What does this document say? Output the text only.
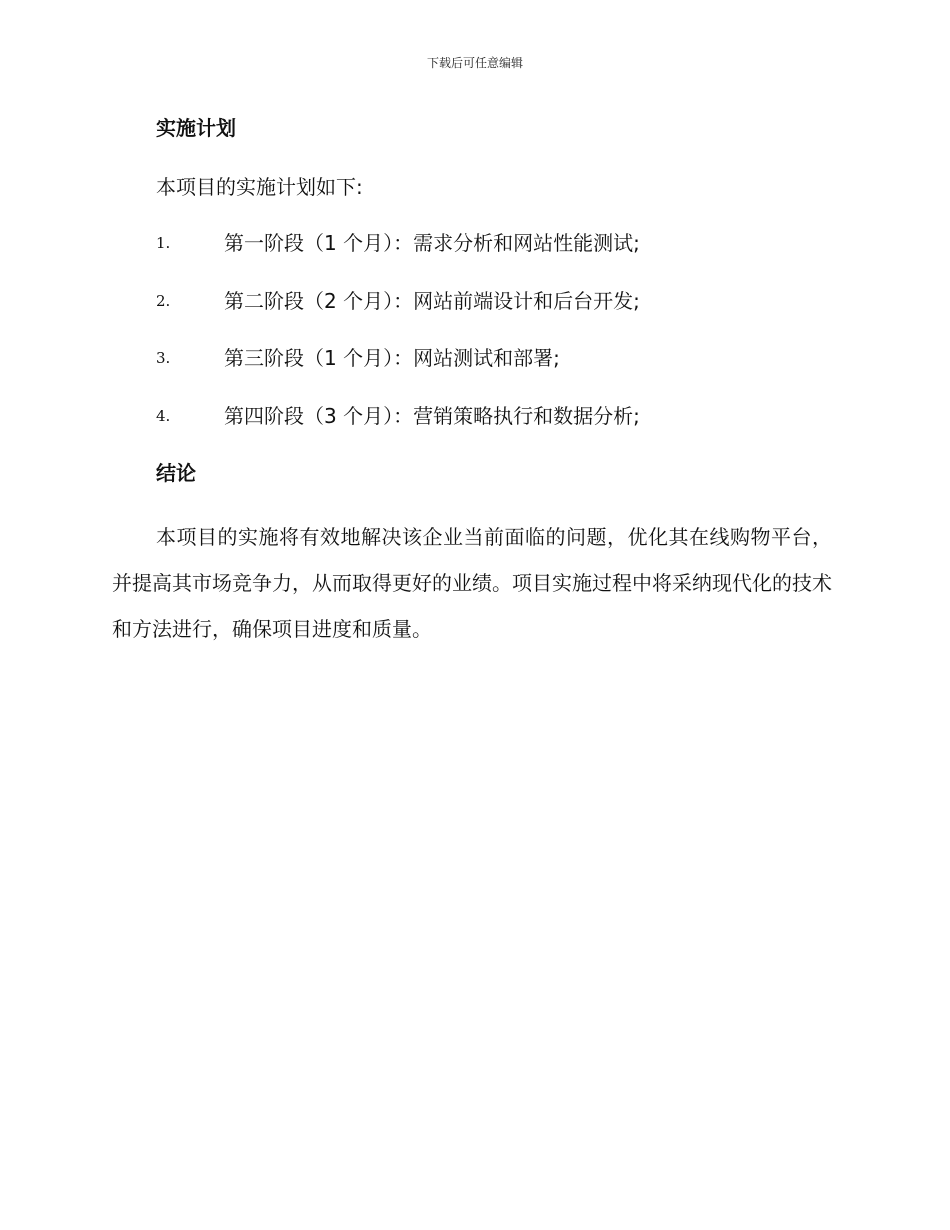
下载后可任意编辑
实施计划
本项目的实施计划如下:
1.	第一阶段（1 个月）：需求分析和网站性能测试;
2.	第二阶段（2 个月）：网站前端设计和后台开发;
3.	第三阶段（1 个月）：网站测试和部署;
4.	第四阶段（3 个月）：营销策略执行和数据分析;
结论

本项目的实施将有效地解决该企业当前面临的问题，优化其在线购物平台，并提高其市场竞争力，从而取得更好的业绩。项目实施过程中将采纳现代化的技术和方法进行，确保项目进度和质量。
